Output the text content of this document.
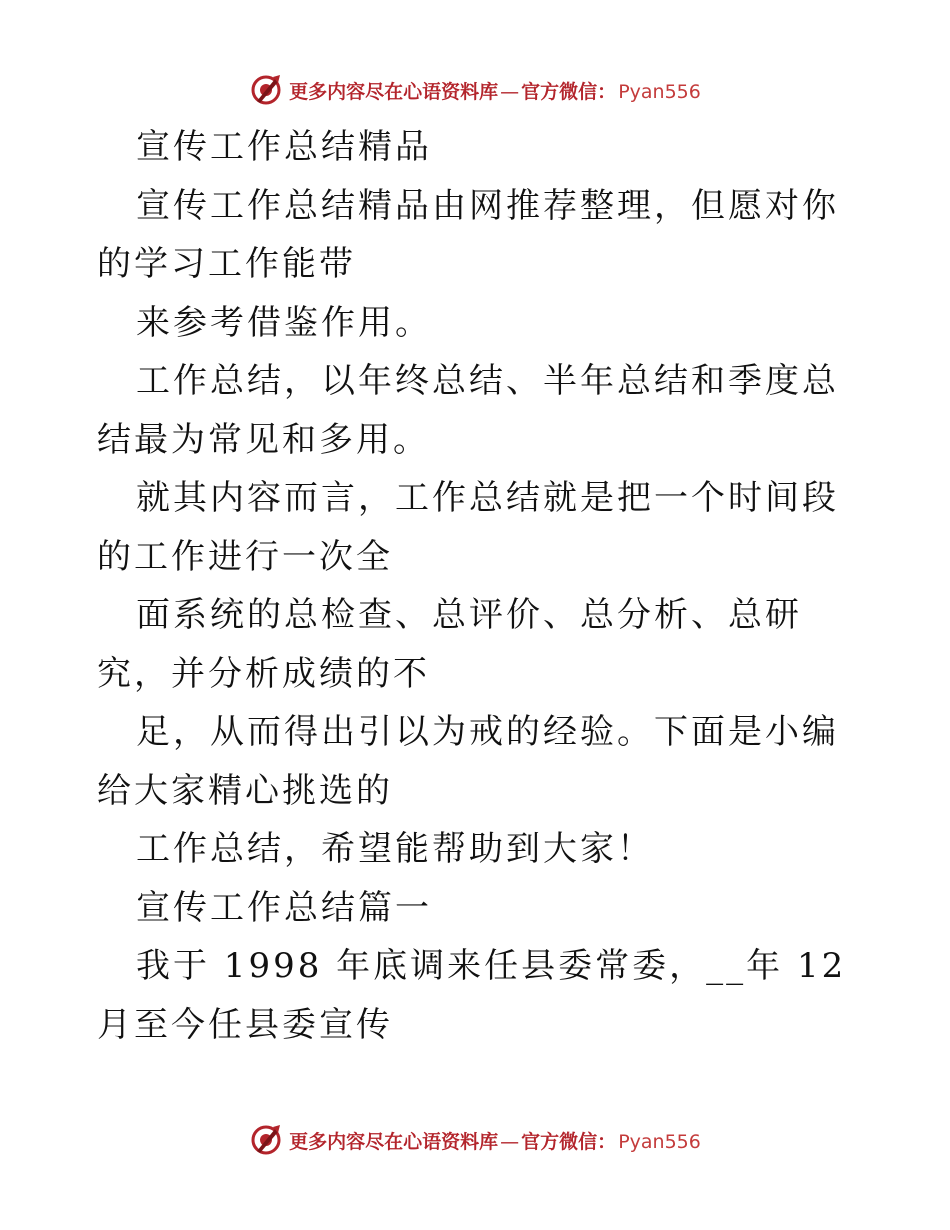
更多内容尽在心语资料库 — 官方微信： Pyan556

宣传工作总结精品

宣传工作总结精品由网推荐整理，但愿对你的学习工作能带

来参考借鉴作用。

工作总结，以年终总结、半年总结和季度总结最为常见和多用。

就其内容而言，工作总结就是把一个时间段的工作进行一次全

面系统的总检查、总评价、总分析、总研究，并分析成绩的不

足，从而得出引以为戒的经验。下面是小编给大家精心挑选的

工作总结，希望能帮助到大家！

宣传工作总结篇一

我于 1998 年底调来任县委常委，__年 12 月至今任县委宣传

更多内容尽在心语资料库 — 官方微信： Pyan556
